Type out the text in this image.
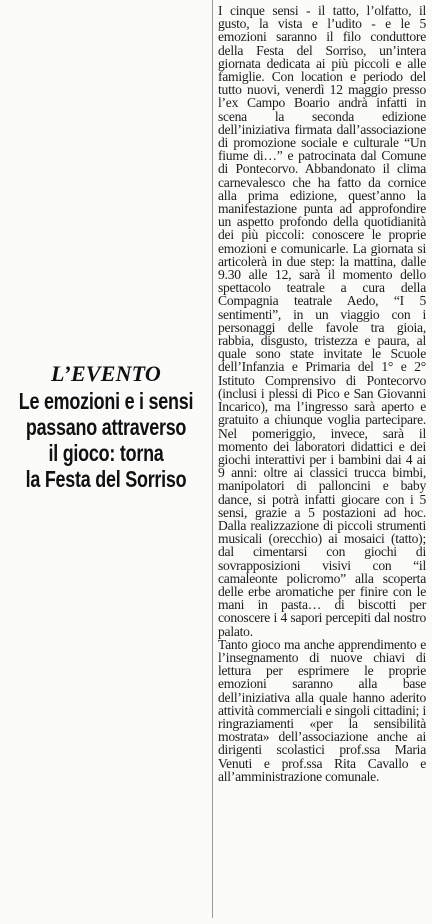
L’EVENTO
Le emozioni e i sensi
passano attraverso
il gioco: torna
la Festa del Sorriso

I cinque sensi - il tatto, l’olfatto, il gusto, la vista e l’udito - e le 5 emozioni saranno il filo conduttore della Festa del Sorriso, un’intera giornata dedicata ai più piccoli e alle famiglie. Con location e periodo del tutto nuovi, venerdì 12 maggio presso l’ex Campo Boario andrà infatti in scena la seconda edizione dell’iniziativa firmata dall’associazione di promozione sociale e culturale “Un fiume di…” e patrocinata dal Comune di Pontecorvo. Abbandonato il clima carnevalesco che ha fatto da cornice alla prima edizione, quest’anno la manifestazione punta ad approfondire un aspetto profondo della quotidianità dei più piccoli: conoscere le proprie emozioni e comunicarle. La giornata si articolerà in due step: la mattina, dalle 9.30 alle 12, sarà il momento dello spettacolo teatrale a cura della Compagnia teatrale Aedo, “I 5 sentimenti”, in un viaggio con i personaggi delle favole tra gioia, rabbia, disgusto, tristezza e paura, al quale sono state invitate le Scuole dell’Infanzia e Primaria del 1° e 2° Istituto Comprensivo di Pontecorvo (inclusi i plessi di Pico e San Giovanni Incarico), ma l’ingresso sarà aperto e gratuito a chiunque voglia partecipare. Nel pomeriggio, invece, sarà il momento dei laboratori didattici e dei giochi interattivi per i bambini dai 4 ai 9 anni: oltre ai classici trucca bimbi, manipolatori di palloncini e baby dance, si potrà infatti giocare con i 5 sensi, grazie a 5 postazioni ad hoc. Dalla realizzazione di piccoli strumenti musicali (orecchio) ai mosaici (tatto); dal cimentarsi con giochi di sovrapposizioni visivi con “il camaleonte policromo” alla scoperta delle erbe aromatiche per finire con le mani in pasta… di biscotti per conoscere i 4 sapori percepiti dal nostro palato.

Tanto gioco ma anche apprendimento e l’insegnamento di nuove chiavi di lettura per esprimere le proprie emozioni saranno alla base dell’iniziativa alla quale hanno aderito attività commerciali e singoli cittadini; i ringraziamenti «per la sensibilità mostrata» dell’associazione anche ai dirigenti scolastici prof.ssa Maria Venuti e prof.ssa Rita Cavallo e all’amministrazione comunale.
